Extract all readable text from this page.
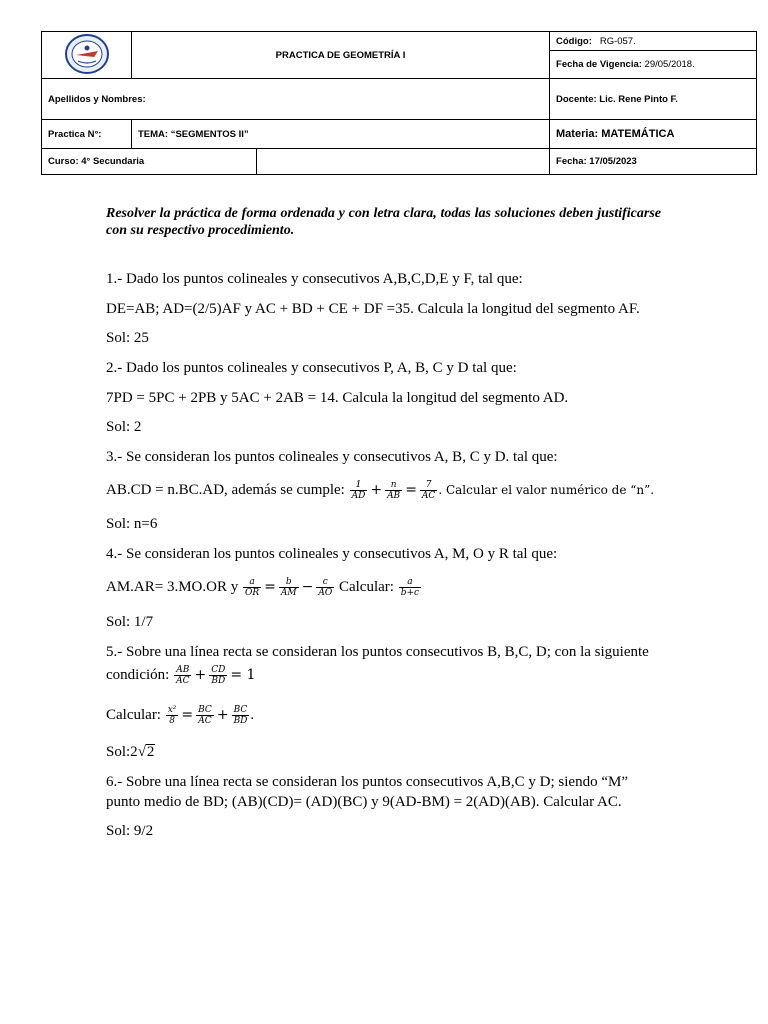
	PRACTICA DE GEOMETRÍA I		Código: RG-057.
			Fecha de Vigencia: 29/05/2018.
Apellidos y Nombres:			Docente: Lic. Rene Pinto F.
Practica N°:	TEMA: “SEGMENTOS II”		Materia: MATEMÁTICA
Curso: 4° Secundaria			Fecha: 17/05/2023
Resolver la práctica de forma ordenada y con letra clara, todas las soluciones deben justificarse con su respectivo procedimiento.
1.- Dado los puntos colineales y consecutivos A,B,C,D,E y F, tal que:
DE=AB; AD=(2/5)AF y AC + BD + CE + DF =35. Calcula la longitud del segmento AF.
Sol: 25
2.- Dado los puntos colineales y consecutivos P, A, B, C y D tal que:
7PD = 5PC + 2PB y 5AC + 2AB = 14. Calcula la longitud del segmento AD.
Sol: 2
3.- Se consideran los puntos colineales y consecutivos A, B, C y D. tal que:
AB.CD = n.BC.AD, además se cumple: $\frac{1}{AD} + \frac{n}{AB} = \frac{7}{AC}$ . Calcular el valor numérico de “n”.
Sol: n=6
4.- Se consideran los puntos colineales y consecutivos A, M, O y R tal que:
AM.AR= 3.MO.OR y $\frac{a}{OR} = \frac{b}{AM} - \frac{c}{AO}$ Calcular: $\frac{a}{b+c}$
Sol: 1/7
5.- Sobre una línea recta se consideran los puntos consecutivos B, B,C, D; con la siguiente
condición: $\frac{AB}{AC} + \frac{CD}{BD} = 1$
Calcular: $\frac{\text{x²}}{8} = \frac{BC}{AC} + \frac{BC}{BD}$ .
Sol:2√2
6.- Sobre una línea recta se consideran los puntos consecutivos A,B,C y D; siendo “M”
punto medio de BD; (AB)(CD)= (AD)(BC) y 9(AD-BM) = 2(AD)(AB). Calcular AC.
Sol: 9/2
